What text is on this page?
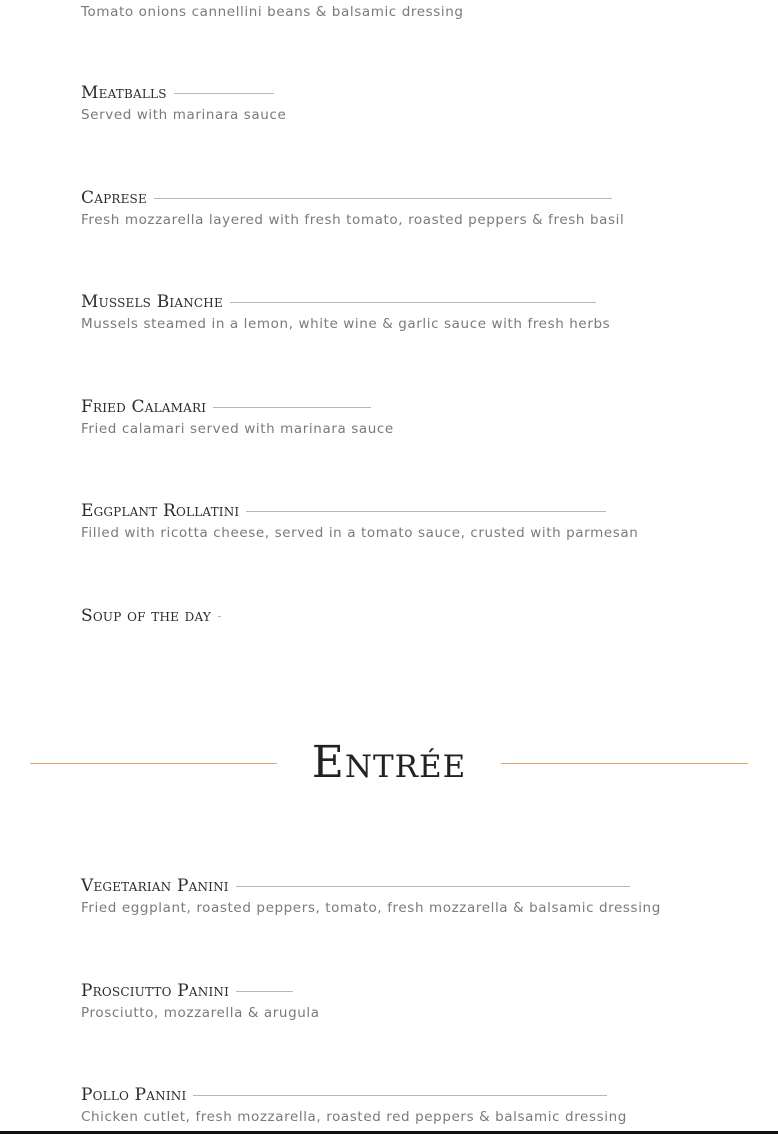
Tomato onions cannellini beans & balsamic dressing
Meatballs
Served with marinara sauce
Caprese
Fresh mozzarella layered with fresh tomato, roasted peppers & fresh basil
Mussels Bianche
Mussels steamed in a lemon, white wine & garlic sauce with fresh herbs
Fried Calamari
Fried calamari served with marinara sauce
Eggplant Rollatini
Filled with ricotta cheese, served in a tomato sauce, crusted with parmesan
Soup of the day
Entrée
Vegetarian Panini
Fried eggplant, roasted peppers, tomato, fresh mozzarella & balsamic dressing
Prosciutto Panini
Prosciutto, mozzarella & arugula
Pollo Panini
Chicken cutlet, fresh mozzarella, roasted red peppers & balsamic dressing
